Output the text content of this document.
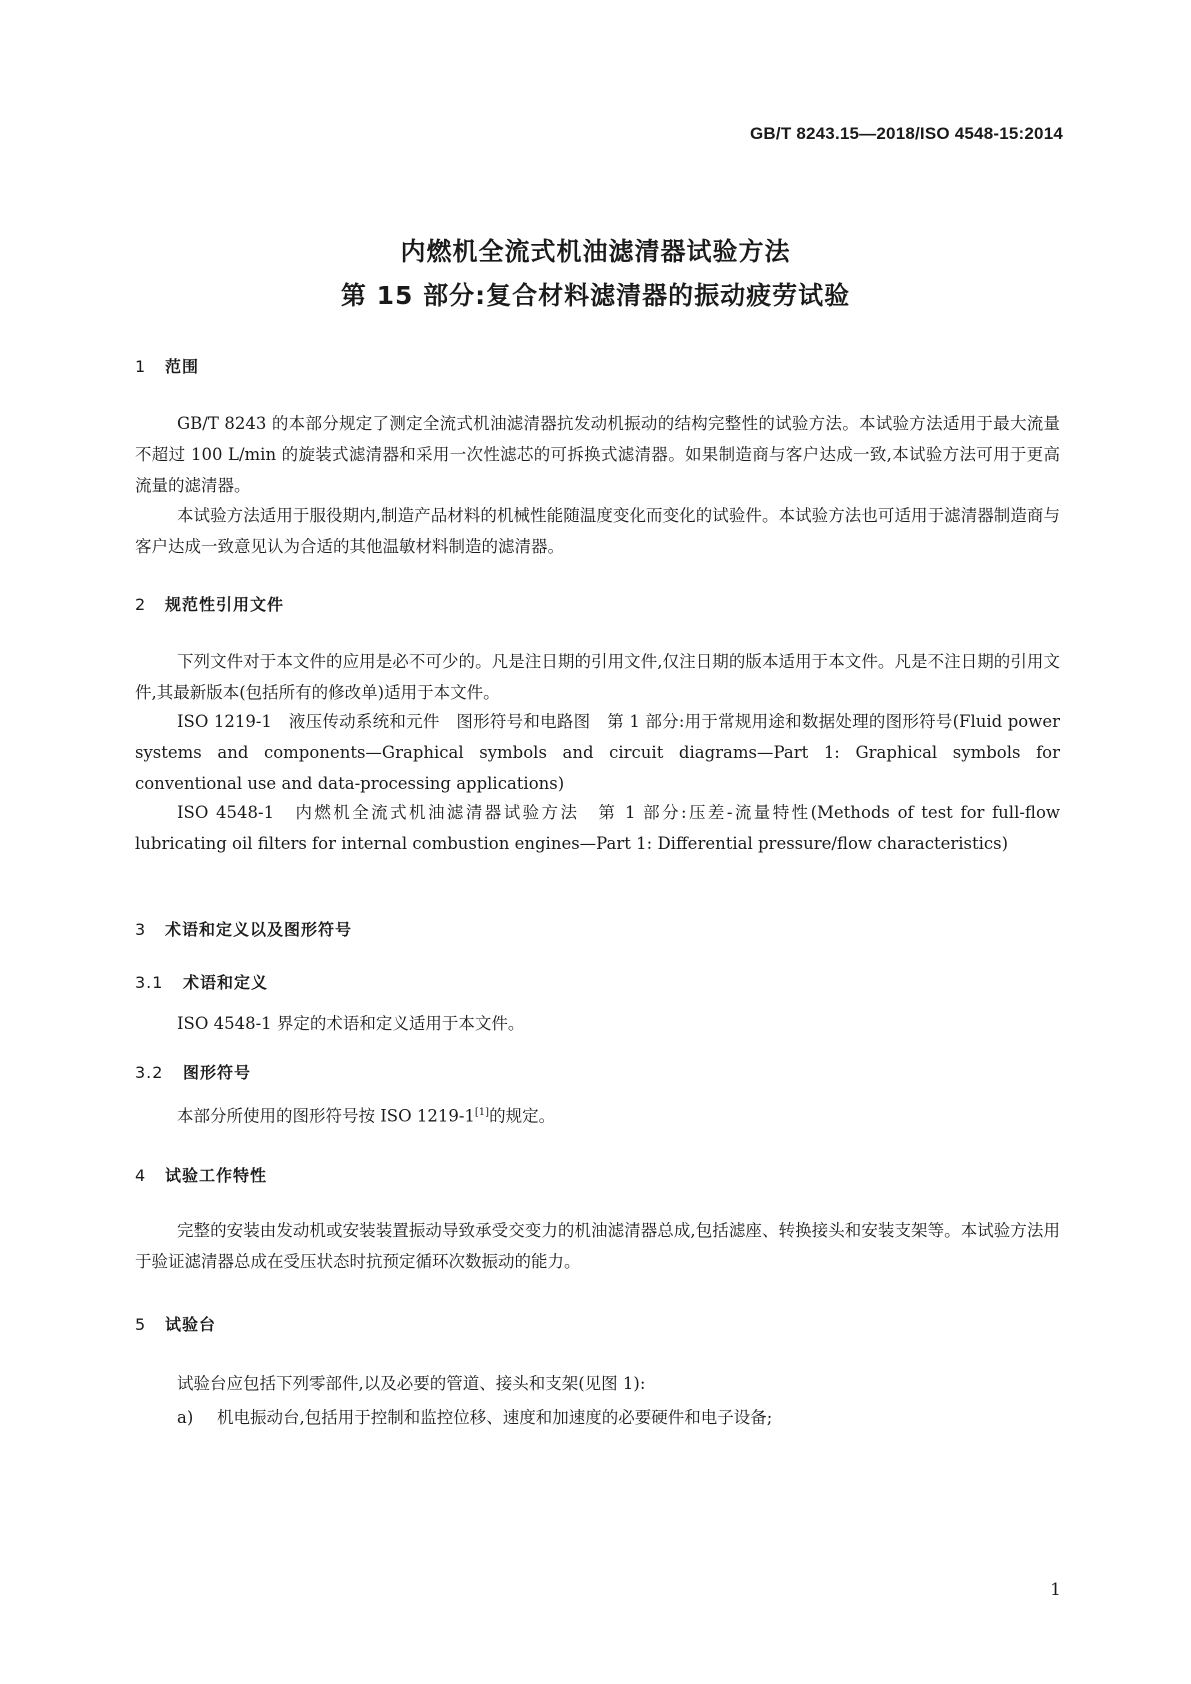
GB/T 8243.15—2018/ISO 4548-15:2014
内燃机全流式机油滤清器试验方法
第 15 部分:复合材料滤清器的振动疲劳试验
1 范围

GB/T 8243 的本部分规定了测定全流式机油滤清器抗发动机振动的结构完整性的试验方法。本试验方法适用于最大流量不超过 100 L/min 的旋装式滤清器和采用一次性滤芯的可拆换式滤清器。如果制造商与客户达成一致,本试验方法可用于更高流量的滤清器。

本试验方法适用于服役期内,制造产品材料的机械性能随温度变化而变化的试验件。本试验方法也可适用于滤清器制造商与客户达成一致意见认为合适的其他温敏材料制造的滤清器。

2 规范性引用文件

下列文件对于本文件的应用是必不可少的。凡是注日期的引用文件,仅注日期的版本适用于本文件。凡是不注日期的引用文件,其最新版本(包括所有的修改单)适用于本文件。

ISO 1219-1　液压传动系统和元件　图形符号和电路图　第 1 部分:用于常规用途和数据处理的图形符号(Fluid power systems and components—Graphical symbols and circuit diagrams—Part 1: Graphical symbols for conventional use and data-processing applications)

ISO 4548-1　内燃机全流式机油滤清器试验方法　第 1 部分:压差-流量特性(Methods of test for full-flow lubricating oil filters for internal combustion engines—Part 1: Differential pressure/flow characteristics)

3 术语和定义以及图形符号
3.1 术语和定义

ISO 4548-1 界定的术语和定义适用于本文件。

3.2 图形符号

本部分所使用的图形符号按 ISO 1219-1[1]的规定。

4 试验工作特性

完整的安装由发动机或安装装置振动导致承受交变力的机油滤清器总成,包括滤座、转换接头和安装支架等。本试验方法用于验证滤清器总成在受压状态时抗预定循环次数振动的能力。

5 试验台

试验台应包括下列零部件,以及必要的管道、接头和支架(见图 1):

a) 机电振动台,包括用于控制和监控位移、速度和加速度的必要硬件和电子设备;
1
